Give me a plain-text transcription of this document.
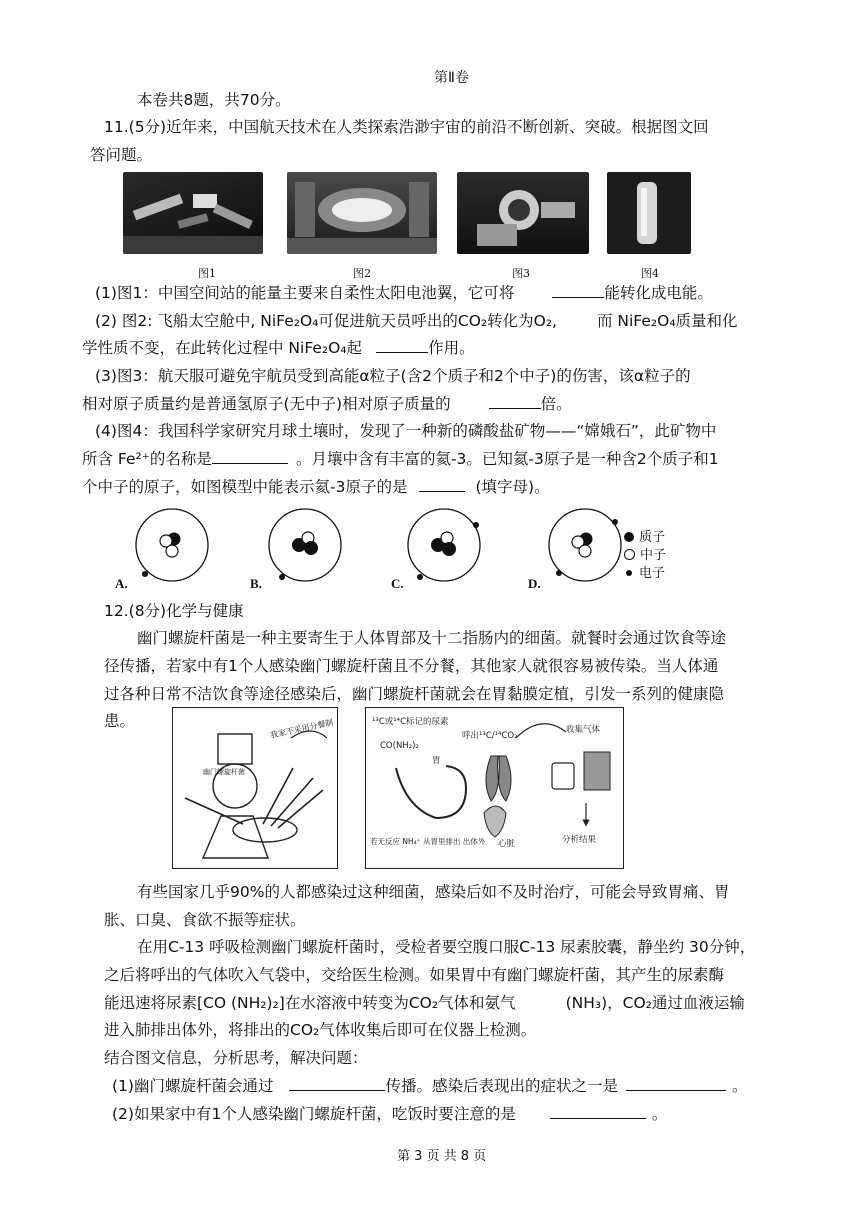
第Ⅱ卷
本卷共8题，共70分。
11.(5分)近年来，中国航天技术在人类探索浩渺宇宙的前沿不断创新、突破。根据图文回
答问题。
图1	图2	图3	图4
(1)图1：中国空间站的能量主要来自柔性太阳电池翼，它可将	能转化成电能。
(2) 图2: 飞船太空舱中, NiFe₂O₄可促进航天员呼出的CO₂转化为O₂,	而 NiFe₂O₄质量和化
学性质不变，在此转化过程中 NiFe₂O₄起	作用。
(3)图3：航天服可避免宇航员受到高能α粒子(含2个质子和2个中子)的伤害，该α粒子的
相对原子质量约是普通氢原子(无中子)相对原子质量的	倍。
(4)图4：我国科学家研究月球土壤时，发现了一种新的磷酸盐矿物——“嫦娥石”，此矿物中
所含 Fe²⁺的名称是	。月壤中含有丰富的氦-3。已知氦-3原子是一种含2个质子和1
个中子的原子，如图模型中能表示氦-3原子的是	(填字母)。
A.	B.	C.	D.
质子
中子
电子
12.(8分)化学与健康
幽门螺旋杆菌是一种主要寄生于人体胃部及十二指肠内的细菌。就餐时会通过饮食等途
径传播，若家中有1个人感染幽门螺旋杆菌且不分餐，其他家人就很容易被传染。当人体通
过各种日常不洁饮食等途径感染后，幽门螺旋杆菌就会在胃黏膜定植，引发一系列的健康隐
患。	我家不采用分餐制
幽门螺旋杆菌
¹³C或¹⁴C标记的尿素
CO(NH₂)₂
胃
呼出¹³C/¹⁴CO₂
心脏
收集气体
分析结果
若无反应 NH₄⁺ 从胃里排出 出体外
有些国家几乎90%的人都感染过这种细菌，感染后如不及时治疗，可能会导致胃痛、胃
胀、口臭、食欲不振等症状。
在用C-13 呼吸检测幽门螺旋杆菌时，受检者要空腹口服C-13 尿素胶囊，静坐约 30分钟，
之后将呼出的气体吹入气袋中，交给医生检测。如果胃中有幽门螺旋杆菌，其产生的尿素酶
能迅速将尿素[CO (NH₂)₂]在水溶液中转变为CO₂气体和氨气	(NH₃)，CO₂通过血液运输
进入肺排出体外，将排出的CO₂气体收集后即可在仪器上检测。
结合图文信息，分析思考，解决问题：
(1)幽门螺旋杆菌会通过	传播。感染后表现出的症状之一是	。
(2)如果家中有1个人感染幽门螺旋杆菌，吃饭时要注意的是	。
第 3 页 共 8 页
